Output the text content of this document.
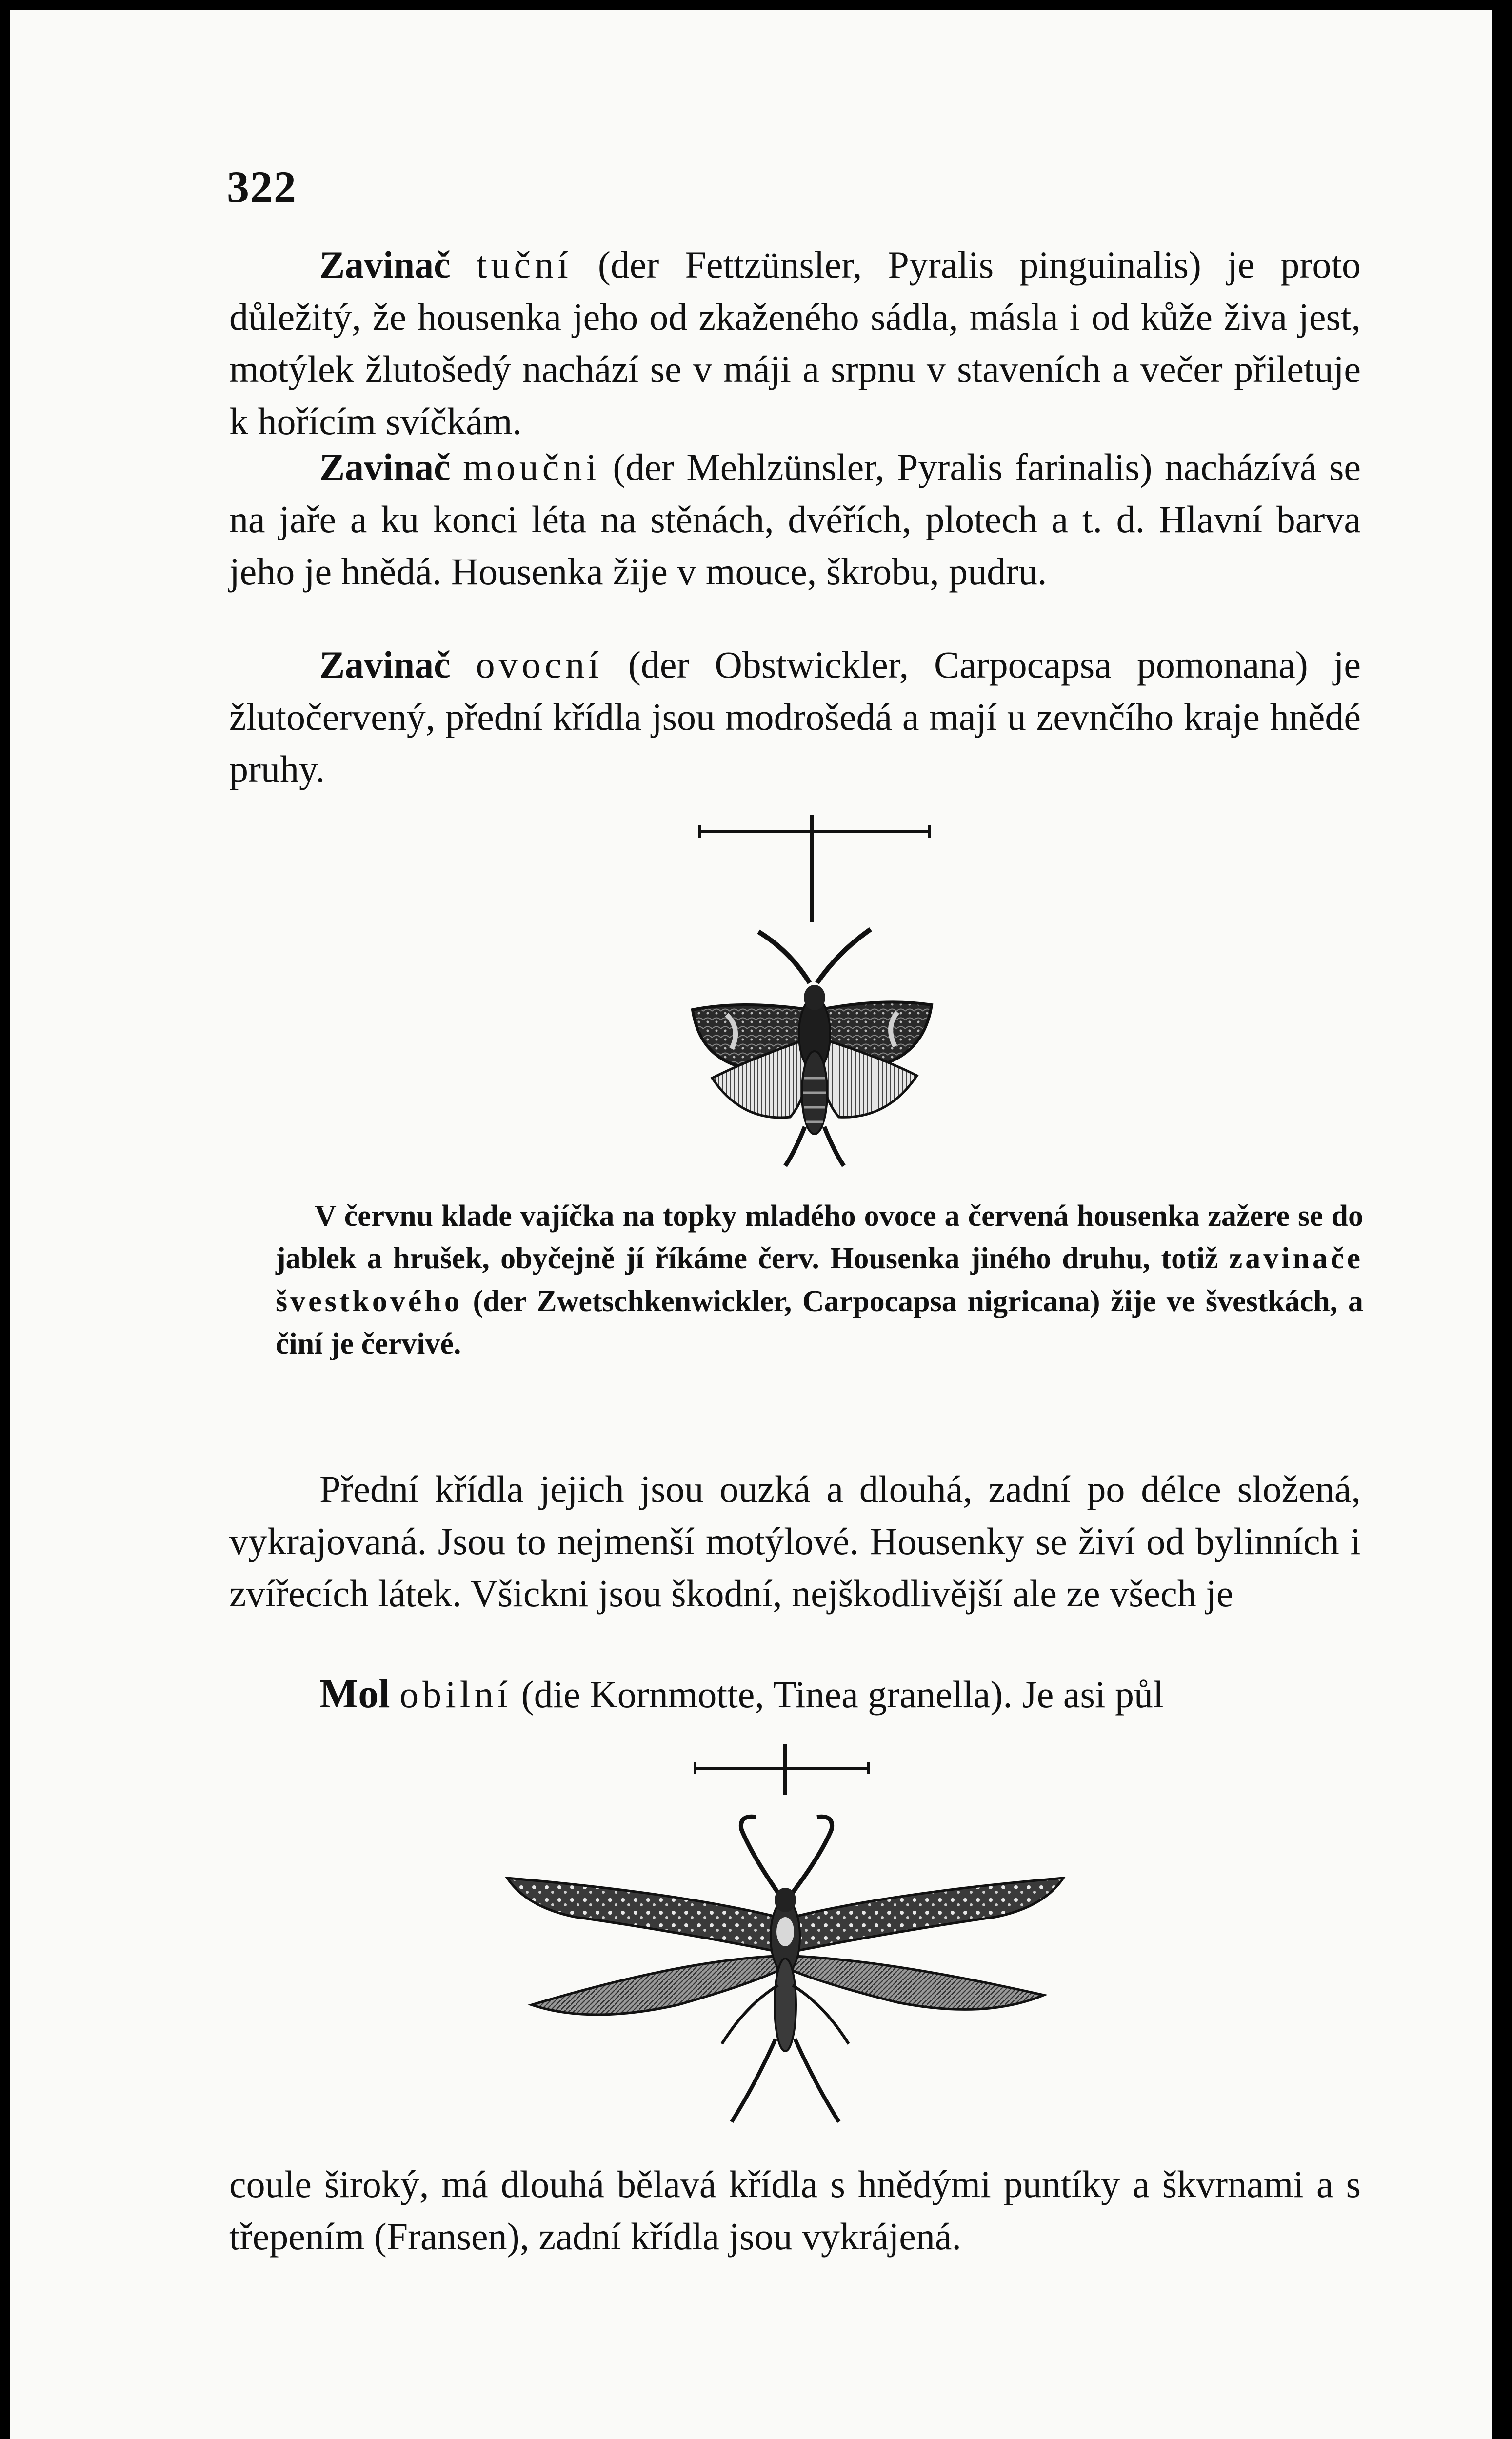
322

Zavinač tuční (der Fettzünsler, Pyralis pinguinalis) je proto důležitý, že housenka jeho od zkaženého sádla, másla i od kůže živa jest, motýlek žlutošedý nachází se v máji a srpnu v staveních a večer přiletuje k hořícím svíčkám.

Zavinač moučni (der Mehlzünsler, Pyralis farinalis) nacházívá se na jaře a ku konci léta na stěnách, dvéřích, plotech a t. d. Hlavní barva jeho je hnědá. Housenka žije v mouce, škrobu, pudru.

Zavinač ovocní (der Obstwickler, Carpocapsa pomonana) je žlutočervený, přední křídla jsou modrošedá a mají u zevnčího kraje hnědé pruhy.

V červnu klade vajíčka na topky mladého ovoce a červená housenka zažere se do jablek a hrušek, obyčejně jí říkáme červ. Housenka jiného druhu, totiž zavinače švestkového (der Zwetschkenwickler, Carpocapsa nigricana) žije ve švestkách, a činí je červivé.

Přední křídla jejich jsou ouzká a dlouhá, zadní po délce složená, vykrajovaná. Jsou to nejmenší motýlové. Housenky se živí od bylinních i zvířecích látek. Všickni jsou škodní, nejškodlivější ale ze všech je

Mol obilní (die Kornmotte, Tinea granella). Je asi půl

coule široký, má dlouhá bělavá křídla s hnědými puntíky a škvrnami a s třepením (Fransen), zadní křídla jsou vykrájená.
